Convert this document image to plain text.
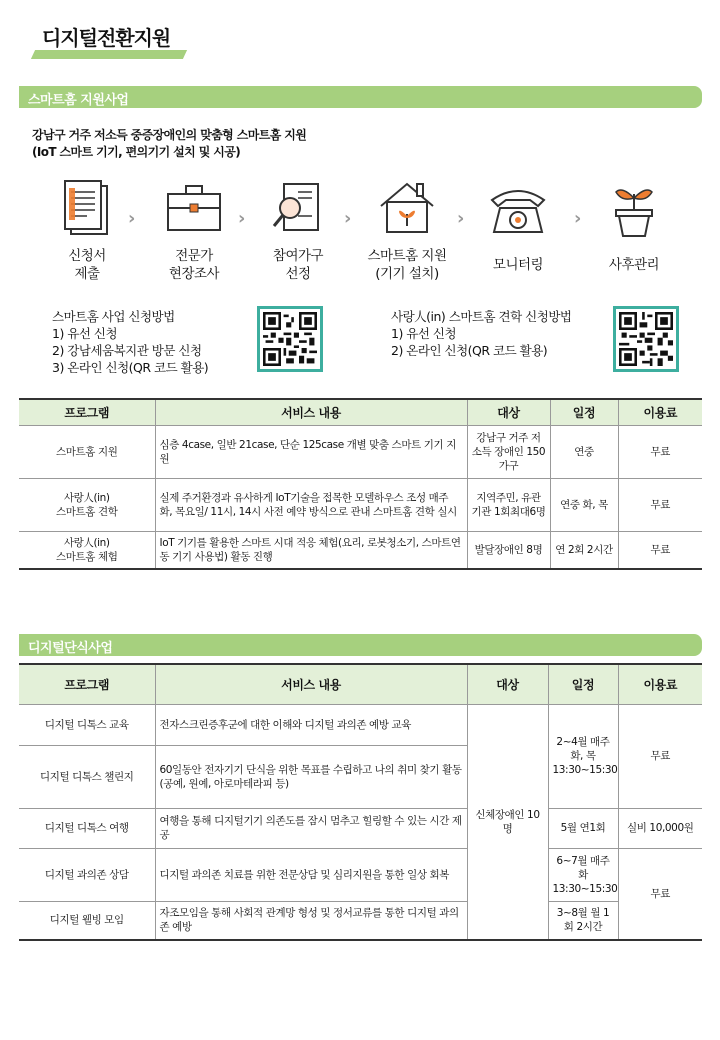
디지털전환지원
스마트홈 지원사업
강남구 거주 저소득 중증장애인의 맞춤형 스마트홈 지원
(IoT 스마트 기기, 편의기기 설치 및 시공)
›	›	›	›	›
신청서
제출
전문가
현장조사
참여가구
선정
스마트홈 지원
(기기 설치)
모니터링	사후관리
스마트홈 사업 신청방법
1) 유선 신청
2) 강남세움복지관 방문 신청
3) 온라인 신청(QR 코드 활용)
사랑人(in) 스마트홈 견학 신청방법
1) 유선 신청
2) 온라인 신청(QR 코드 활용)
프로그램	서비스 내용	대상	일정	이용료
스마트홈 지원	심층 4case, 일반 21case, 단순 125case 개별 맞춤 스마트 기기 지원	강남구 거주 저소득 장애인 150가구	연중	무료

사랑人(in)
스마트홈 견학	실제 주거환경과 유사하게 IoT기술을 접목한 모델하우스 조성 매주 화, 목요일/ 11시, 14시 사전 예약 방식으로 관내 스마트홈 견학 실시	지역주민, 유관기관 1회최대6명	연중 화, 목	무료

사랑人(in)
스마트홈 체험	IoT 기기를 활용한 스마트 시대 적응 체험(요리, 로봇청소기, 스마트연동 기기 사용법) 활동 진행	발달장애인 8명	연 2회 2시간	무료
디지털단식사업
프로그램	서비스 내용	대상	일정	이용료
디지털 디톡스 교육	전자스크린증후군에 대한 이해와 디지털 과의존 예방 교육	신체장애인 10명	2~4월 매주 화, 목 13:30~15:30	무료
디지털 디톡스 챌린지	60일동안 전자기기 단식을 위한 목표를 수립하고 나의 취미 찾기 활동 (공예, 원예, 아로마테라피 등)			
디지털 디톡스 여행	여행을 통해 디지털기기 의존도를 잠시 멈추고 힐링할 수 있는 시간 제공		5월 연1회	실비 10,000원
디지털 과의존 상담	디지털 과의존 치료를 위한 전문상담 및 심리지원을 통한 일상 회복		6~7월 매주 화 13:30~15:30	무료
디지털 웰빙 모임	자조모임을 통해 사회적 관계망 형성 및 정서교류를 통한 디지털 과의존 예방		3~8월 월 1회 2시간	
